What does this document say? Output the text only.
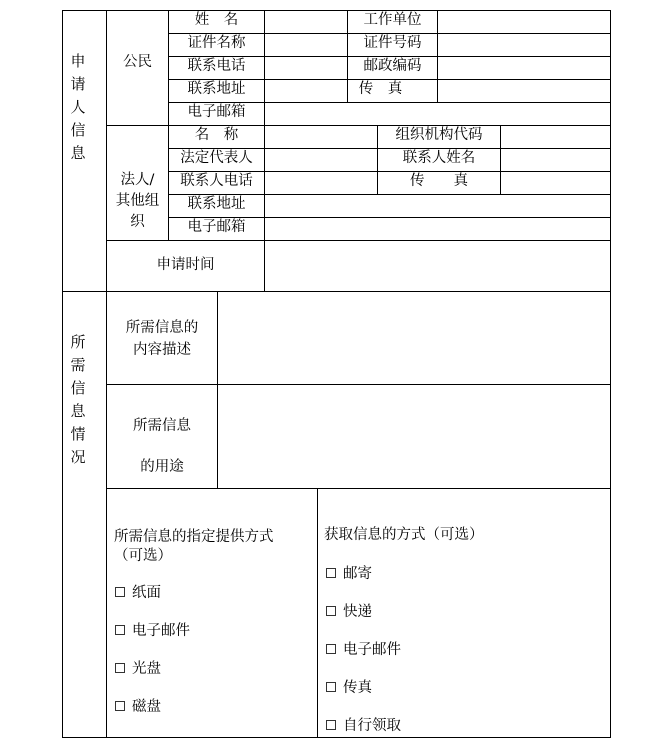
申
请
人
信
息
所
需
信
息
情
况
公民
姓　名	工作单位
证件名称	证件号码
联系电话	邮政编码
联系地址	传　真
电子邮箱
法人/
其他组
织
名　称	组织机构代码
法定代表人	联系人姓名
联系人电话	传　　真
联系地址
电子邮箱
申请时间
所需信息的
内容描述
所需信息
的用途
所需信息的指定提供方式
（可选）
纸面
电子邮件
光盘
磁盘
获取信息的方式（可选）
邮寄
快递
电子邮件
传真
自行领取
